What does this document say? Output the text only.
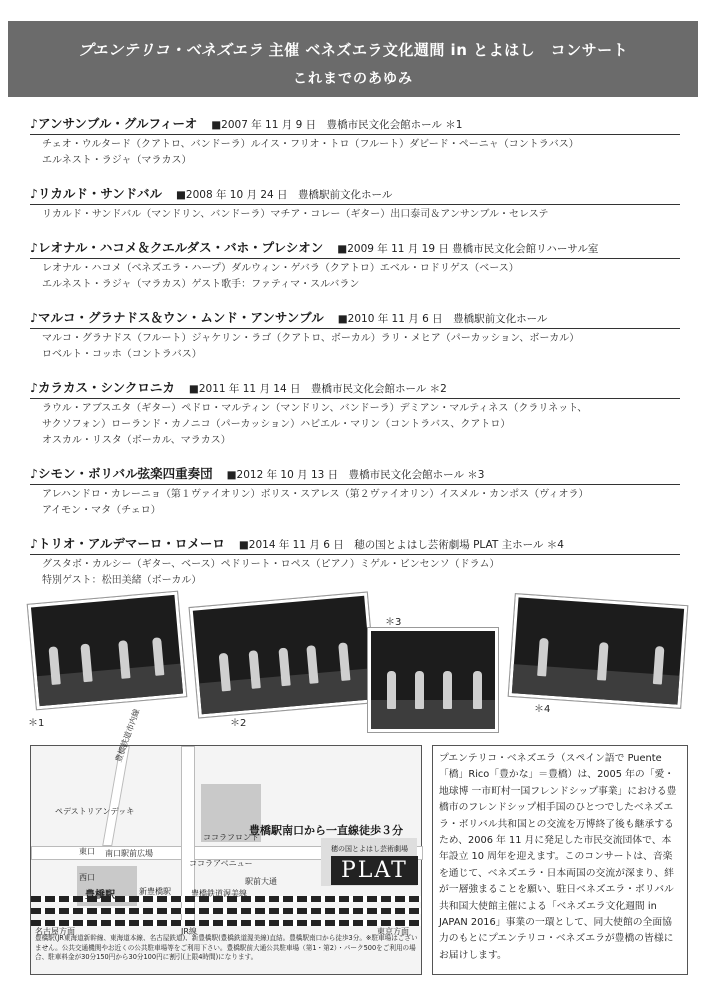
プエンテリコ・ベネズエラ 主催 ベネズエラ文化週間 in とよはし　コンサート
これまでのあゆみ
♪アンサンブル・グルフィーオ ■2007 年 11 月 9 日　豊橋市民文化会館ホール ＊1
チェオ・ウルタード（クアトロ、バンドーラ）ルイス・フリオ・トロ（フルート）ダビード・ペーニャ（コントラバス）
エルネスト・ラジャ（マラカス）
♪リカルド・サンドバル ■2008 年 10 月 24 日　豊橋駅前文化ホール
リカルド・サンドバル（マンドリン、バンドーラ）マチア・コレー（ギター）出口泰司＆アンサンブル・セレステ
♪レオナル・ハコメ＆クエルダス・バホ・プレシオン ■2009 年 11 月 19 日 豊橋市民文化会館リハーサル室
レオナル・ハコメ（ベネズエラ・ハープ）ダルウィン・ゲバラ（クアトロ）エベル・ロドリゲス（ベース）
エルネスト・ラジャ（マラカス）ゲスト歌手：ファティマ・スルバラン
♪マルコ・グラナドス＆ウン・ムンド・アンサンブル ■2010 年 11 月 6 日　豊橋駅前文化ホール
マルコ・グラナドス（フルート）ジャケリン・ラゴ（クアトロ、ボーカル）ラリ・メヒア（パーカッション、ボーカル）
ロベルト・コッホ（コントラバス）
♪カラカス・シンクロニカ ■2011 年 11 月 14 日　豊橋市民文化会館ホール ＊2
ラウル・アブスエタ（ギター）ペドロ・マルティン（マンドリン、バンドーラ）デミアン・マルティネス（クラリネット、
サクソフォン）ローランド・カノニコ（パーカッション）ハビエル・マリン（コントラバス、クアトロ）
オスカル・リスタ（ボーカル、マラカス）
♪シモン・ボリバル弦楽四重奏団 ■2012 年 10 月 13 日　豊橋市民文化会館ホール ＊3
アレハンドロ・カレーニョ（第１ヴァイオリン）ボリス・スアレス（第２ヴァイオリン）イスメル・カンポス（ヴィオラ）
アイモン・マタ（チェロ）
♪トリオ・アルデマーロ・ロメーロ ■2014 年 11 月 6 日　穂の国とよはし芸術劇場 PLAT 主ホール ＊4
グスタボ・カルシー（ギター、ベース）ペドリート・ロペス（ピアノ）ミゲル・ビンセンソ（ドラム）
特別ゲスト：松田美緒（ボーカル）
＊1	＊2
＊3
＊4
豊橋鉄道市内線
ペデストリアンデッキ
ココラフロント
東口 南口駅前広場
ココラアベニュー
西口	駅前大通
新豊橋駅	豊橋鉄道渥美線
豊橋駅
名古屋方面	JR線	東京方面
豊橋駅南口から一直線徒歩３分
穂の国とよはし芸術劇場
PLAT
豊橋駅(JR東海道新幹線、東海道本線、名古屋鉄道)、新豊橋駅(豊橋鉄道渥美線)直結。豊橋駅南口から徒歩3分。※駐車場はございません。公共交通機関やお近くの公共駐車場等をご利用下さい。豊橋駅前大通公共駐車場（第1・第2）・パーク500をご利用の場合、駐車料金が30分150円から30分100円に割引(上限4時間)になります。
プエンテリコ・ベネズエラ（スペイン語で Puente「橋」Rico「豊かな」＝豊橋）は、2005 年の「愛・地球博 一市町村一国フレンドシップ事業」における豊橋市のフレンドシップ相手国のひとつでしたベネズエラ・ボリバル共和国との交流を万博終了後も継承するため、2006 年 11 月に発足した市民交流団体で、本年設立 10 周年を迎えます。このコンサートは、音楽を通じて、ベネズエラ・日本両国の交流が深まり、絆が一層強まることを願い、駐日ベネズエラ・ボリバル共和国大使館主催による「ベネズエラ文化週間 in JAPAN 2016」事業の一環として、同大使館の全面協力のもとにプエンテリコ・ベネズエラが豊橋の皆様にお届けします。
